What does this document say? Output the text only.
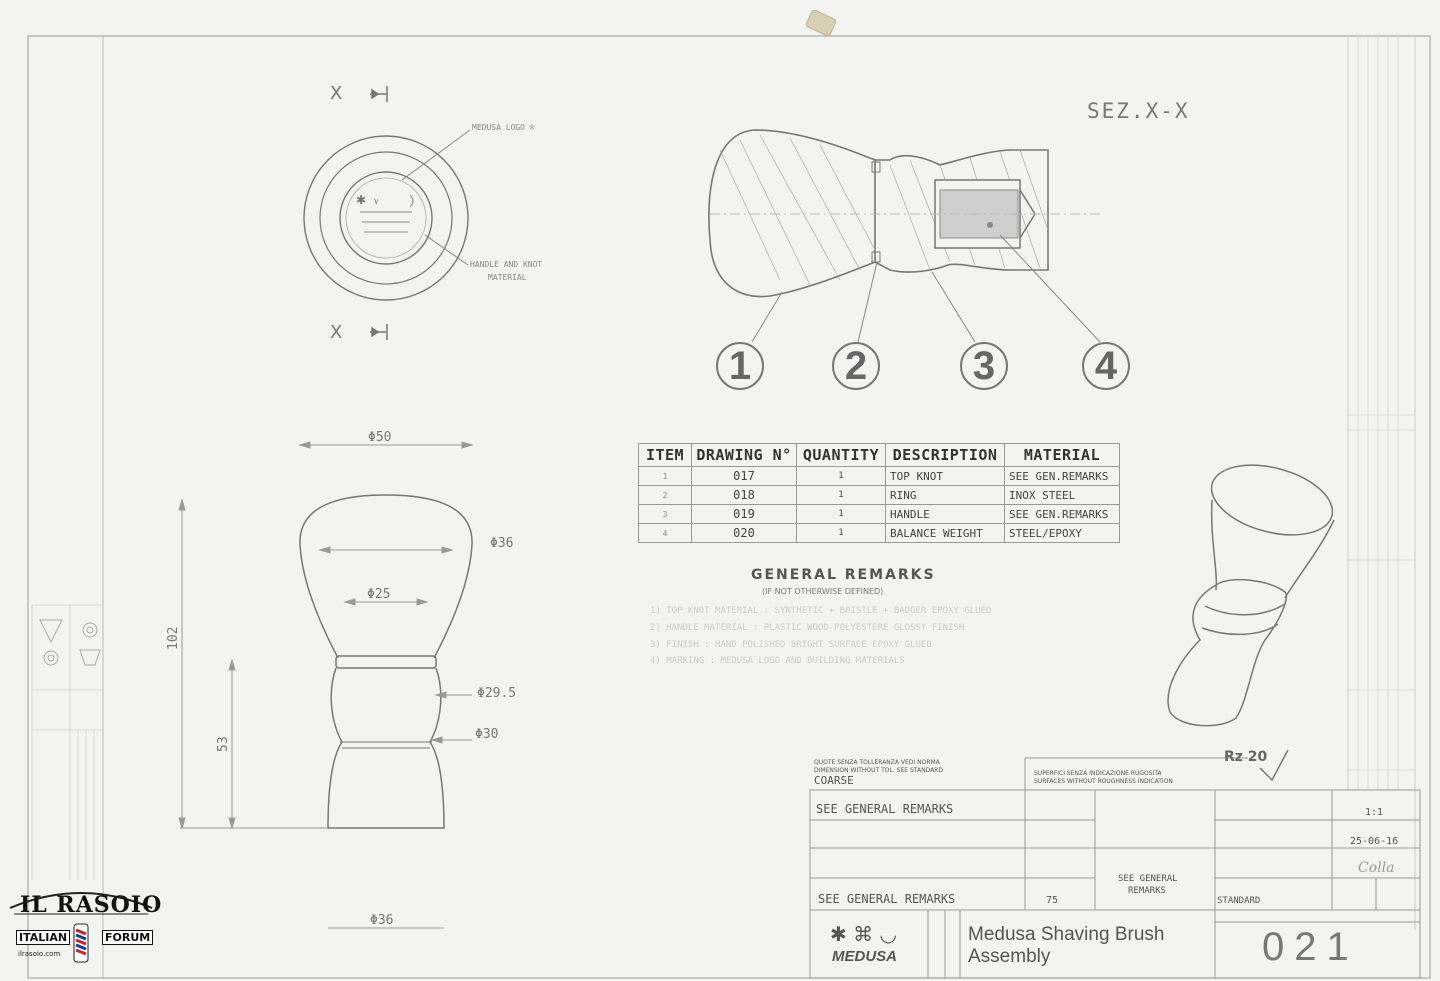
✱ ᥎
SEZ.X-X
X
X
MEDUSA LOGO ®
HANDLE AND KNOT
MATERIAL
1	2	3	4
Φ50
Φ36
Φ25
Φ29.5
Φ30
Φ36
102
53
ITEM	DRAWING N°	QUANTITY	DESCRIPTION	MATERIAL
1	017	1	TOP KNOT	SEE GEN.REMARKS
2	018	1	RING	INOX STEEL
3	019	1	HANDLE	SEE GEN.REMARKS
4	020	1	BALANCE WEIGHT	STEEL/EPOXY
GENERAL REMARKS
(IF NOT OTHERWISE DEFINED)
1) TOP KNOT MATERIAL : SYNTHETIC + BRISTLE + BADGER EPOXY GLUED
2) HANDLE MATERIAL : PLASTIC WOOD-POLYESTERE GLOSSY FINISH
3) FINISH : HAND POLISHED BRIGHT SURFACE EPOXY GLUED
4) MARKING : MEDUSA LOGO AND BUILDING MATERIALS
QUOTE SENZA TOLLERANZA VEDI NORMA
DIMENSION WITHOUT TOL. SEE STANDARD
COARSE
SUPERFICI SENZA INDICAZIONE RUGOSITA
SURFACES WITHOUT ROUGHNESS INDICATION
Rz 20
SEE GENERAL REMARKS
SEE GENERAL REMARKS
SEE GENERAL
REMARKS
75	STANDARD
1:1
25-06-16
Colla
✱ ⌘ ◡
MEDUSA
Medusa Shaving Brush
Assembly	021
IL RASOIO
ITALIAN	FORUM
ilrasoio.com
